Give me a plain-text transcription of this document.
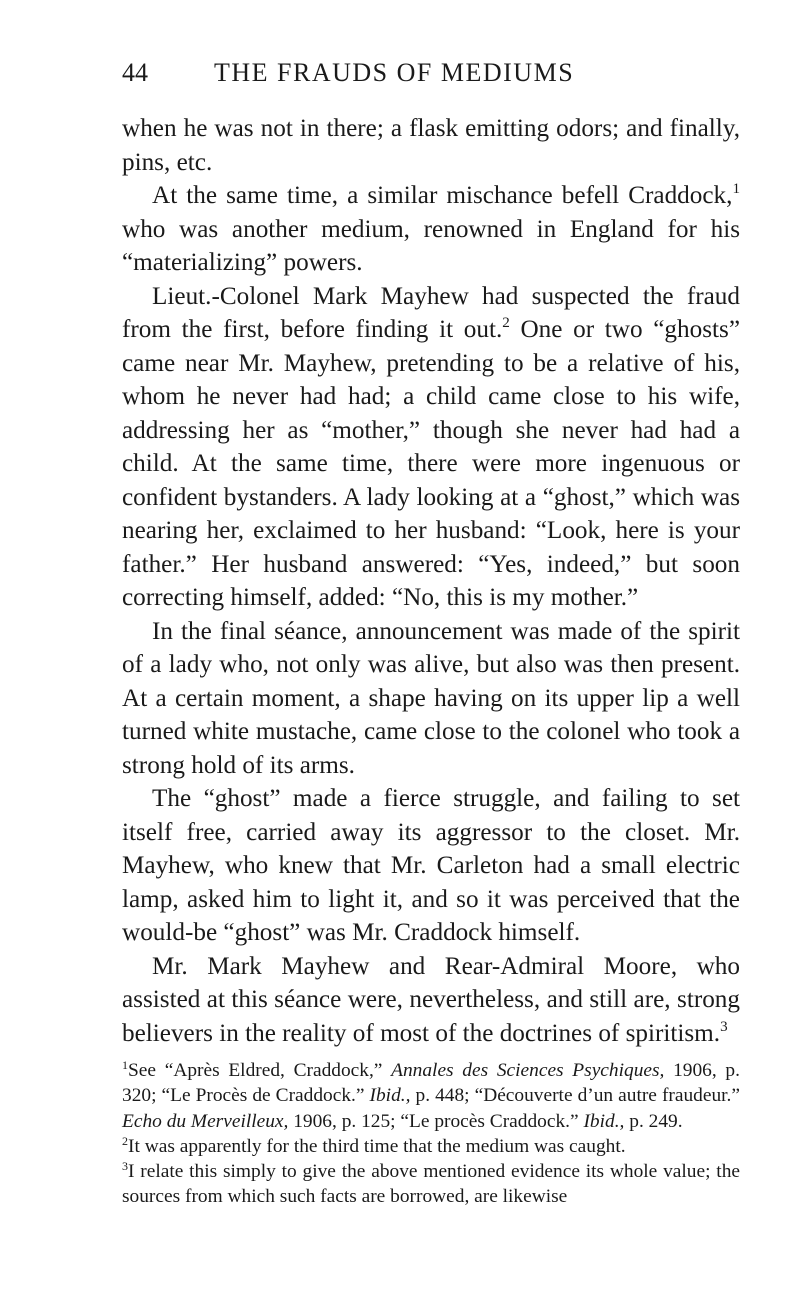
44	THE FRAUDS OF MEDIUMS

when he was not in there; a flask emitting odors; and finally, pins, etc.

At the same time, a similar mischance befell Craddock,$^1$ who was another medium, renowned in England for his “materializing” powers.

Lieut.-Colonel Mark Mayhew had suspected the fraud from the first, before finding it out.$^2$ One or two “ghosts” came near Mr. Mayhew, pretending to be a relative of his, whom he never had had; a child came close to his wife, addressing her as “mother,” though she never had had a child. At the same time, there were more ingenuous or confident bystanders. A lady looking at a “ghost,” which was nearing her, exclaimed to her husband: “Look, here is your father.” Her husband answered: “Yes, indeed,” but soon correcting himself, added: “No, this is my mother.”

In the final séance, announcement was made of the spirit of a lady who, not only was alive, but also was then present. At a certain moment, a shape having on its upper lip a well turned white mustache, came close to the colonel who took a strong hold of its arms.

The “ghost” made a fierce struggle, and failing to set itself free, carried away its aggressor to the closet. Mr. Mayhew, who knew that Mr. Carleton had a small electric lamp, asked him to light it, and so it was perceived that the would-be “ghost” was Mr. Craddock himself.

Mr. Mark Mayhew and Rear-Admiral Moore, who assisted at this séance were, nevertheless, and still are, strong believers in the reality of most of the doctrines of spiritism.$^3$

$^1$See “Après Eldred, Craddock,” Annales des Sciences Psychiques, 1906, p. 320; “Le Procès de Craddock.” Ibid., p. 448; “Découverte d’un autre fraudeur.” Echo du Merveilleux, 1906, p. 125; “Le procès Craddock.” Ibid., p. 249.

$^2$It was apparently for the third time that the medium was caught.

$^3$I relate this simply to give the above mentioned evidence its whole value; the sources from which such facts are borrowed, are likewise
